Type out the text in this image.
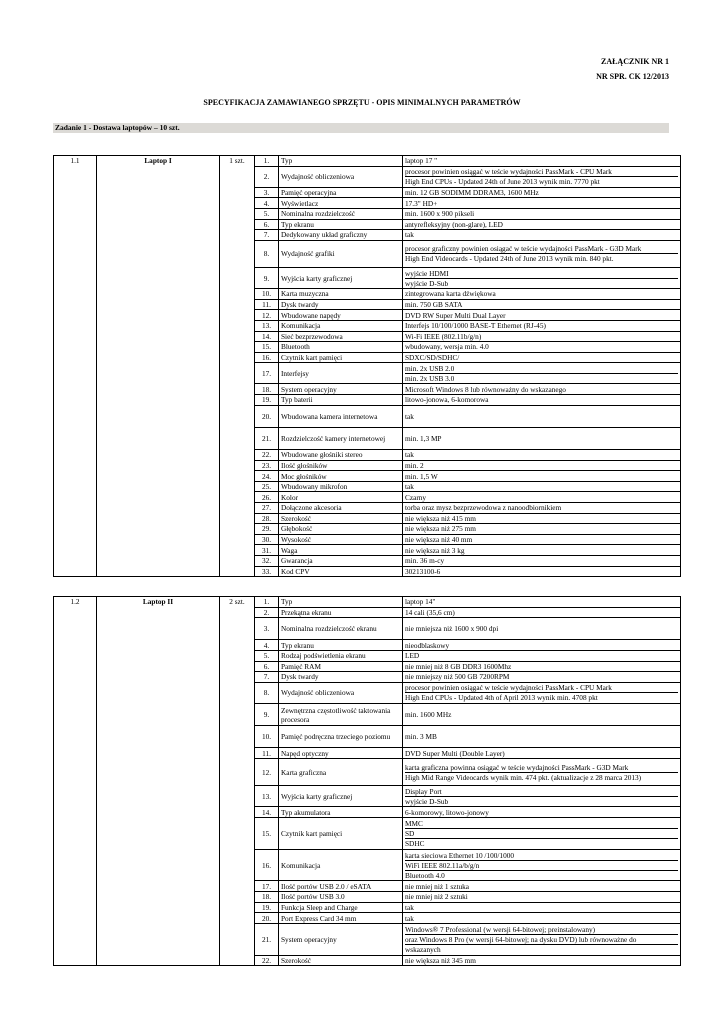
ZAŁĄCZNIK NR 1
NR SPR. CK 12/2013
SPECYFIKACJA ZAMAWIANEGO SPRZĘTU - OPIS MINIMALNYCH PARAMETRÓW
Zadanie 1 - Dostawa laptopów – 10 szt.
1.1	Laptop I	1 szt.	1.	Typ	laptop 17 "

			2.	Wydajność obliczeniowa	procesor powinien osiągać w teście wydajności PassMark - CPU Mark
High End CPUs - Updated 24th of June 2013 wynik min. 7770 pkt

			3.	Pamięć operacyjna	min. 12 GB SODIMM DDRAM3, 1600 MHz

			4.	Wyświetlacz	17.3" HD+

			5.	Nominalna rozdzielczość	min. 1600 x 900 pikseli

			6.	Typ ekranu	antyrefleksyjny (non-glare), LED

			7.	Dedykowany układ graficzny	tak

			8.	Wydajność grafiki	procesor graficzny powinien osiągać w teście wydajności PassMark - G3D Mark
High End Videocards - Updated 24th of June 2013 wynik min. 840 pkt.

			9.	Wyjścia karty graficznej	wyjście HDMI
wyjście D-Sub

			10.	Karta muzyczna	zintegrowana karta dźwiękowa

			11.	Dysk twardy	min. 750 GB SATA

			12.	Wbudowane napędy	DVD RW Super Multi Dual Layer

			13.	Komunikacja	Interfejs 10/100/1000 BASE-T Ethernet (RJ-45)

			14.	Sieć bezprzewodowa	Wi-Fi IEEE (802.11b/g/n)

			15.	Bluetooth	wbudowany, wersja min. 4.0

			16.	Czytnik kart pamięci	SDXC/SD/SDHC/

			17.	Interfejsy	min. 2x USB 2.0
min. 2x USB 3.0

			18.	System operacyjny	Microsoft Windows 8 lub równoważny do wskazanego

			19.	Typ baterii	litowo-jonowa, 6-komorowa

			20.	Wbudowana kamera internetowa	tak

			21.	Rozdzielczość kamery internetowej	min. 1,3 MP

			22.	Wbudowane głośniki stereo	tak

			23.	Ilość głośników	min. 2

			24.	Moc głośników	min. 1,5 W

			25.	Wbudowany mikrofon	tak

			26.	Kolor	Czarny

			27.	Dołączone akcesoria	torba oraz mysz bezprzewodowa z nanoodbiornikiem

			28.	Szerokość	nie większa niż 415 mm

			29.	Głębokość	nie większa niż 275 mm

			30.	Wysokość	nie większa niż 40 mm

			31.	Waga	nie większa niż 3 kg

			32.	Gwarancja	min. 36 m-cy

			33.	Kod CPV	30213100-6
1.2	Laptop II	2 szt.	1.	Typ	laptop 14"

			2.	Przekątna ekranu	14 cali (35,6 cm)

			3.	Nominalna rozdzielczość ekranu	nie mniejsza niż 1600 x 900 dpi

			4.	Typ ekranu	nieodblaskowy

			5.	Rodzaj podświetlenia ekranu	LED

			6.	Pamięć RAM	nie mniej niż 8 GB DDR3 1600Mhz

			7.	Dysk twardy	nie mniejszy niż 500 GB 7200RPM

			8.	Wydajność obliczeniowa	procesor powinien osiągać w teście wydajności PassMark - CPU Mark
High End CPUs - Updated 4th of April 2013 wynik min. 4708 pkt

			9.	Zewnętrzna częstotliwość taktowania procesora	min. 1600 MHz

			10.	Pamięć podręczna trzeciego poziomu	min. 3 MB

			11.	Napęd optyczny	DVD Super Multi (Double Layer)

			12.	Karta graficzna	karta graficzna powinna osiągać w teście wydajności PassMark - G3D Mark
High Mid Range Videocards wynik min. 474 pkt. (aktualizacje z 28 marca 2013)

			13.	Wyjścia karty graficznej	Display Port
wyjście D-Sub

			14.	Typ akumulatora	6-komorowy, litowo-jonowy

			15.	Czytnik kart pamięci	MMC
SD
SDHC

			16.	Komunikacja	karta sieciowa Ethernet 10 /100/1000
WiFi IEEE 802.11a/b/g/n
Bluetooth 4.0

			17.	Ilość portów USB 2.0 / eSATA	nie mniej niż 1 sztuka

			18.	Ilość portów USB 3.0	nie mniej niż 2 sztuki

			19.	Funkcja Sleep and Charge	tak

			20.	Port Express Card 34 mm	tak

			21.	System operacyjny	Windows® 7 Professional (w wersji 64-bitowej; preinstalowany)
oraz Windows 8 Pro (w wersji 64-bitowej; na dysku DVD) lub równoważne do
wskazanych

			22.	Szerokość	nie większa niż 345 mm
